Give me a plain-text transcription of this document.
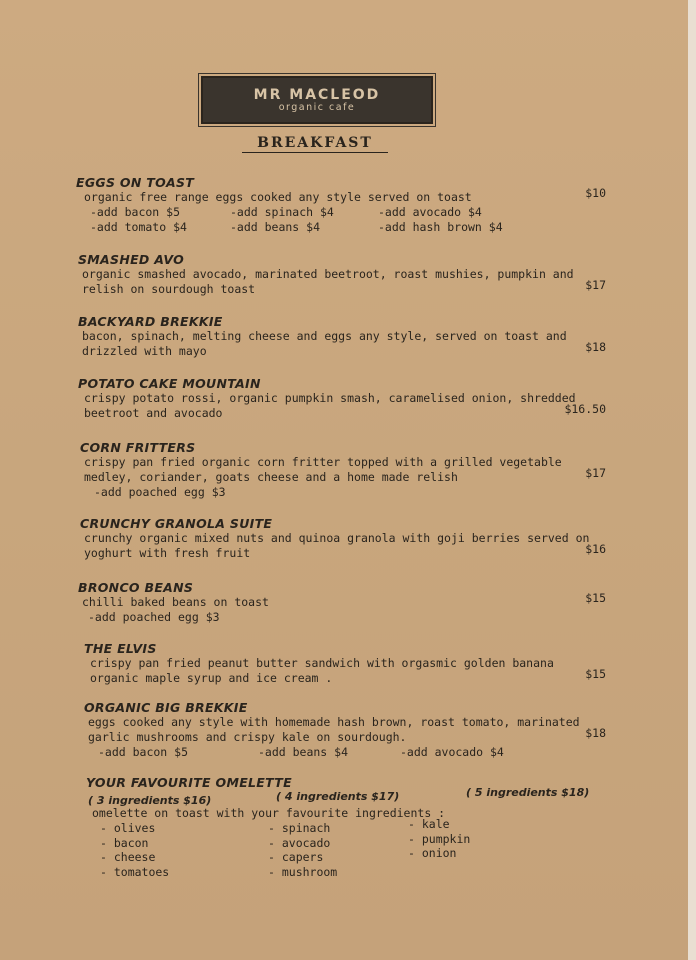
MR MACLEOD
organic cafe
BREAKFAST
EGGS ON TOAST
organic free range eggs cooked any style served on toast	$10
-add bacon $5	-add spinach $4	-add avocado $4
-add tomato $4	-add beans $4	-add hash brown $4
SMASHED AVO
organic smashed avocado, marinated beetroot, roast mushies, pumpkin and
relish on sourdough toast	$17
BACKYARD BREKKIE
bacon, spinach, melting cheese and eggs any style, served on toast and
drizzled with mayo	$18
POTATO CAKE MOUNTAIN
crispy potato rossi, organic pumpkin smash, caramelised onion, shredded
beetroot and avocado	$16.50
CORN FRITTERS
crispy pan fried organic corn fritter topped with a grilled vegetable
medley, coriander, goats cheese and a home made relish	$17
-add poached egg $3
CRUNCHY GRANOLA SUITE
crunchy organic mixed nuts and quinoa granola with goji berries served on
yoghurt with fresh fruit	$16
BRONCO BEANS
chilli baked beans on toast	$15
-add poached egg $3
THE ELVIS
crispy pan fried peanut butter sandwich with orgasmic golden banana
organic maple syrup and ice cream .	$15
ORGANIC BIG BREKKIE
eggs cooked any style with homemade hash brown, roast tomato, marinated
garlic mushrooms and crispy kale on sourdough.	$18
-add bacon $5	-add beans $4	-add avocado $4
YOUR FAVOURITE OMELETTE
( 3 ingredients $16)	( 4 ingredients $17)	( 5 ingredients $18)
omelette on toast with your favourite ingredients :
- olives
- bacon
- cheese
- tomatoes
- spinach
- avocado
- capers
- mushroom
- kale
- pumpkin
- onion
